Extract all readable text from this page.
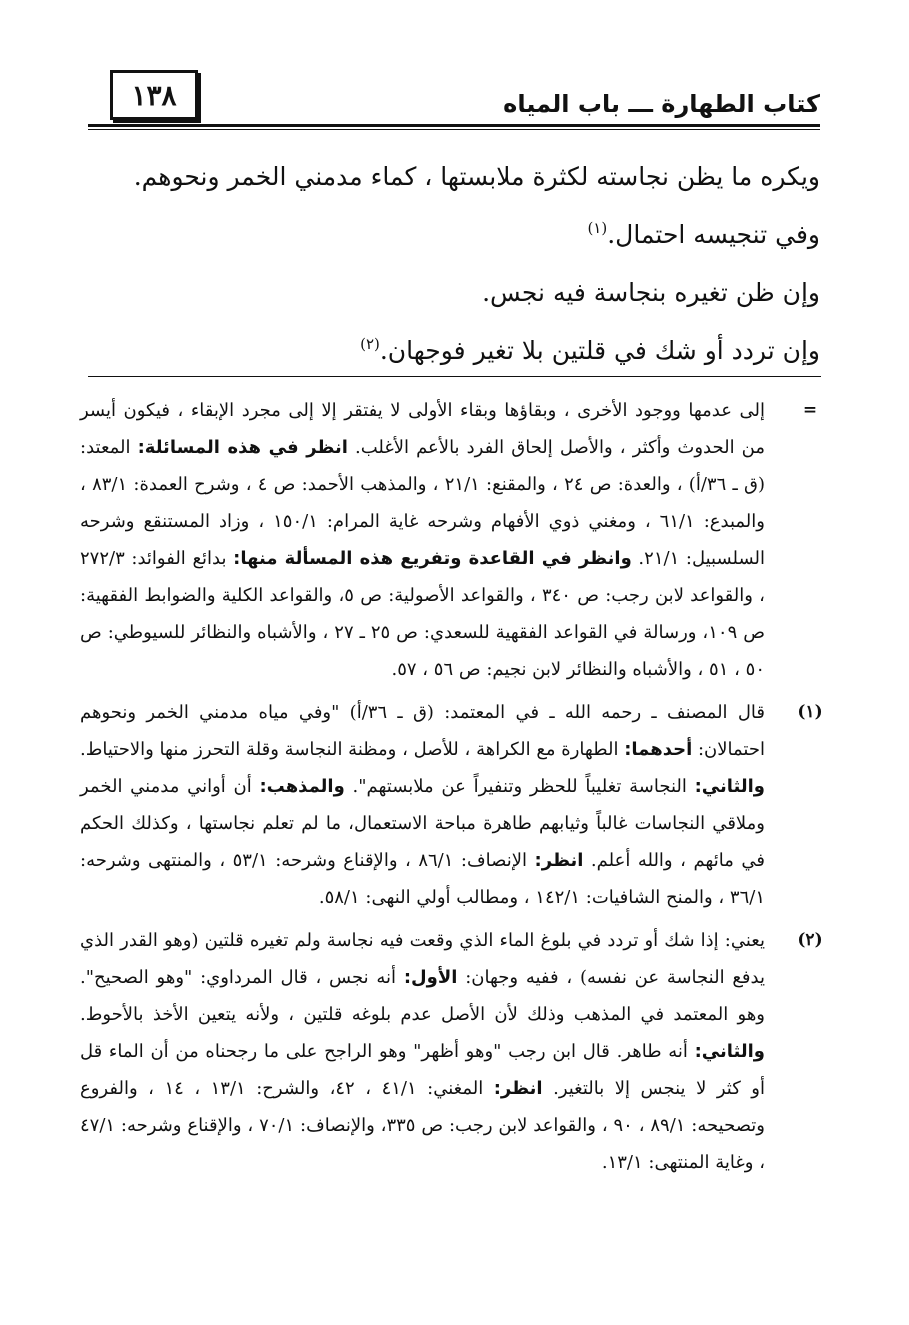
١٣٨	كتاب الطهارة ـــ باب المياه

ويكره ما يظن نجاسته لكثرة ملابستها ، كماء مدمني الخمر ونحوهم.

وفي تنجيسه احتمال.$^{(١)}$

وإن ظن تغيره بنجاسة فيه نجس.

وإن تردد أو شك في قلتين بلا تغير فوجهان.$^{(٢)}$

=
إلى عدمها ووجود الأخرى ، وبقاؤها وبقاء الأولى لا يفتقر إلا إلى مجرد الإبقاء ، فيكون أيسر من الحدوث وأكثر ، والأصل إلحاق الفرد بالأعم الأغلب. انظر في هذه المسائلة: المعتد: (ق ـ ٣٦/أ) ، والعدة: ص ٢٤ ، والمقنع: ٢١/١ ، والمذهب الأحمد: ص ٤ ، وشرح العمدة: ٨٣/١ ، والمبدع: ٦١/١ ، ومغني ذوي الأفهام وشرحه غاية المرام: ١٥٠/١ ، وزاد المستنقع وشرحه السلسبيل: ٢١/١. وانظر في القاعدة وتفريع هذه المسألة منها: بدائع الفوائد: ٢٧٢/٣ ، والقواعد لابن رجب: ص ٣٤٠ ، والقواعد الأصولية: ص ٥، والقواعد الكلية والضوابط الفقهية: ص ١٠٩، ورسالة في القواعد الفقهية للسعدي: ص ٢٥ ـ ٢٧ ، والأشباه والنظائر للسيوطي: ص ٥٠ ، ٥١ ، والأشباه والنظائر لابن نجيم: ص ٥٦ ، ٥٧.
(١)
قال المصنف ـ رحمه الله ـ في المعتمد: (ق ـ ٣٦/أ) "وفي مياه مدمني الخمر ونحوهم احتمالان: أحدهما: الطهارة مع الكراهة ، للأصل ، ومظنة النجاسة وقلة التحرز منها والاحتياط. والثاني: النجاسة تغليباً للحظر وتنفيراً عن ملابستهم". والمذهب: أن أواني مدمني الخمر وملاقي النجاسات غالباً وثيابهم طاهرة مباحة الاستعمال، ما لم تعلم نجاستها ، وكذلك الحكم في مائهم ، والله أعلم. انظر: الإنصاف: ٨٦/١ ، والإقناع وشرحه: ٥٣/١ ، والمنتهى وشرحه: ٣٦/١ ، والمنح الشافيات: ١٤٢/١ ، ومطالب أولي النهى: ٥٨/١.
(٢)
يعني: إذا شك أو تردد في بلوغ الماء الذي وقعت فيه نجاسة ولم تغيره قلتين (وهو القدر الذي يدفع النجاسة عن نفسه) ، ففيه وجهان: الأول: أنه نجس ، قال المرداوي: "وهو الصحيح". وهو المعتمد في المذهب وذلك لأن الأصل عدم بلوغه قلتين ، ولأنه يتعين الأخذ بالأحوط. والثاني: أنه طاهر. قال ابن رجب "وهو أظهر" وهو الراجح على ما رجحناه من أن الماء قل أو كثر لا ينجس إلا بالتغير. انظر: المغني: ٤١/١ ، ٤٢، والشرح: ١٣/١ ، ١٤ ، والفروع وتصحيحه: ٨٩/١ ، ٩٠ ، والقواعد لابن رجب: ص ٣٣٥، والإنصاف: ٧٠/١ ، والإقناع وشرحه: ٤٧/١ ، وغاية المنتهى: ١٣/١.
